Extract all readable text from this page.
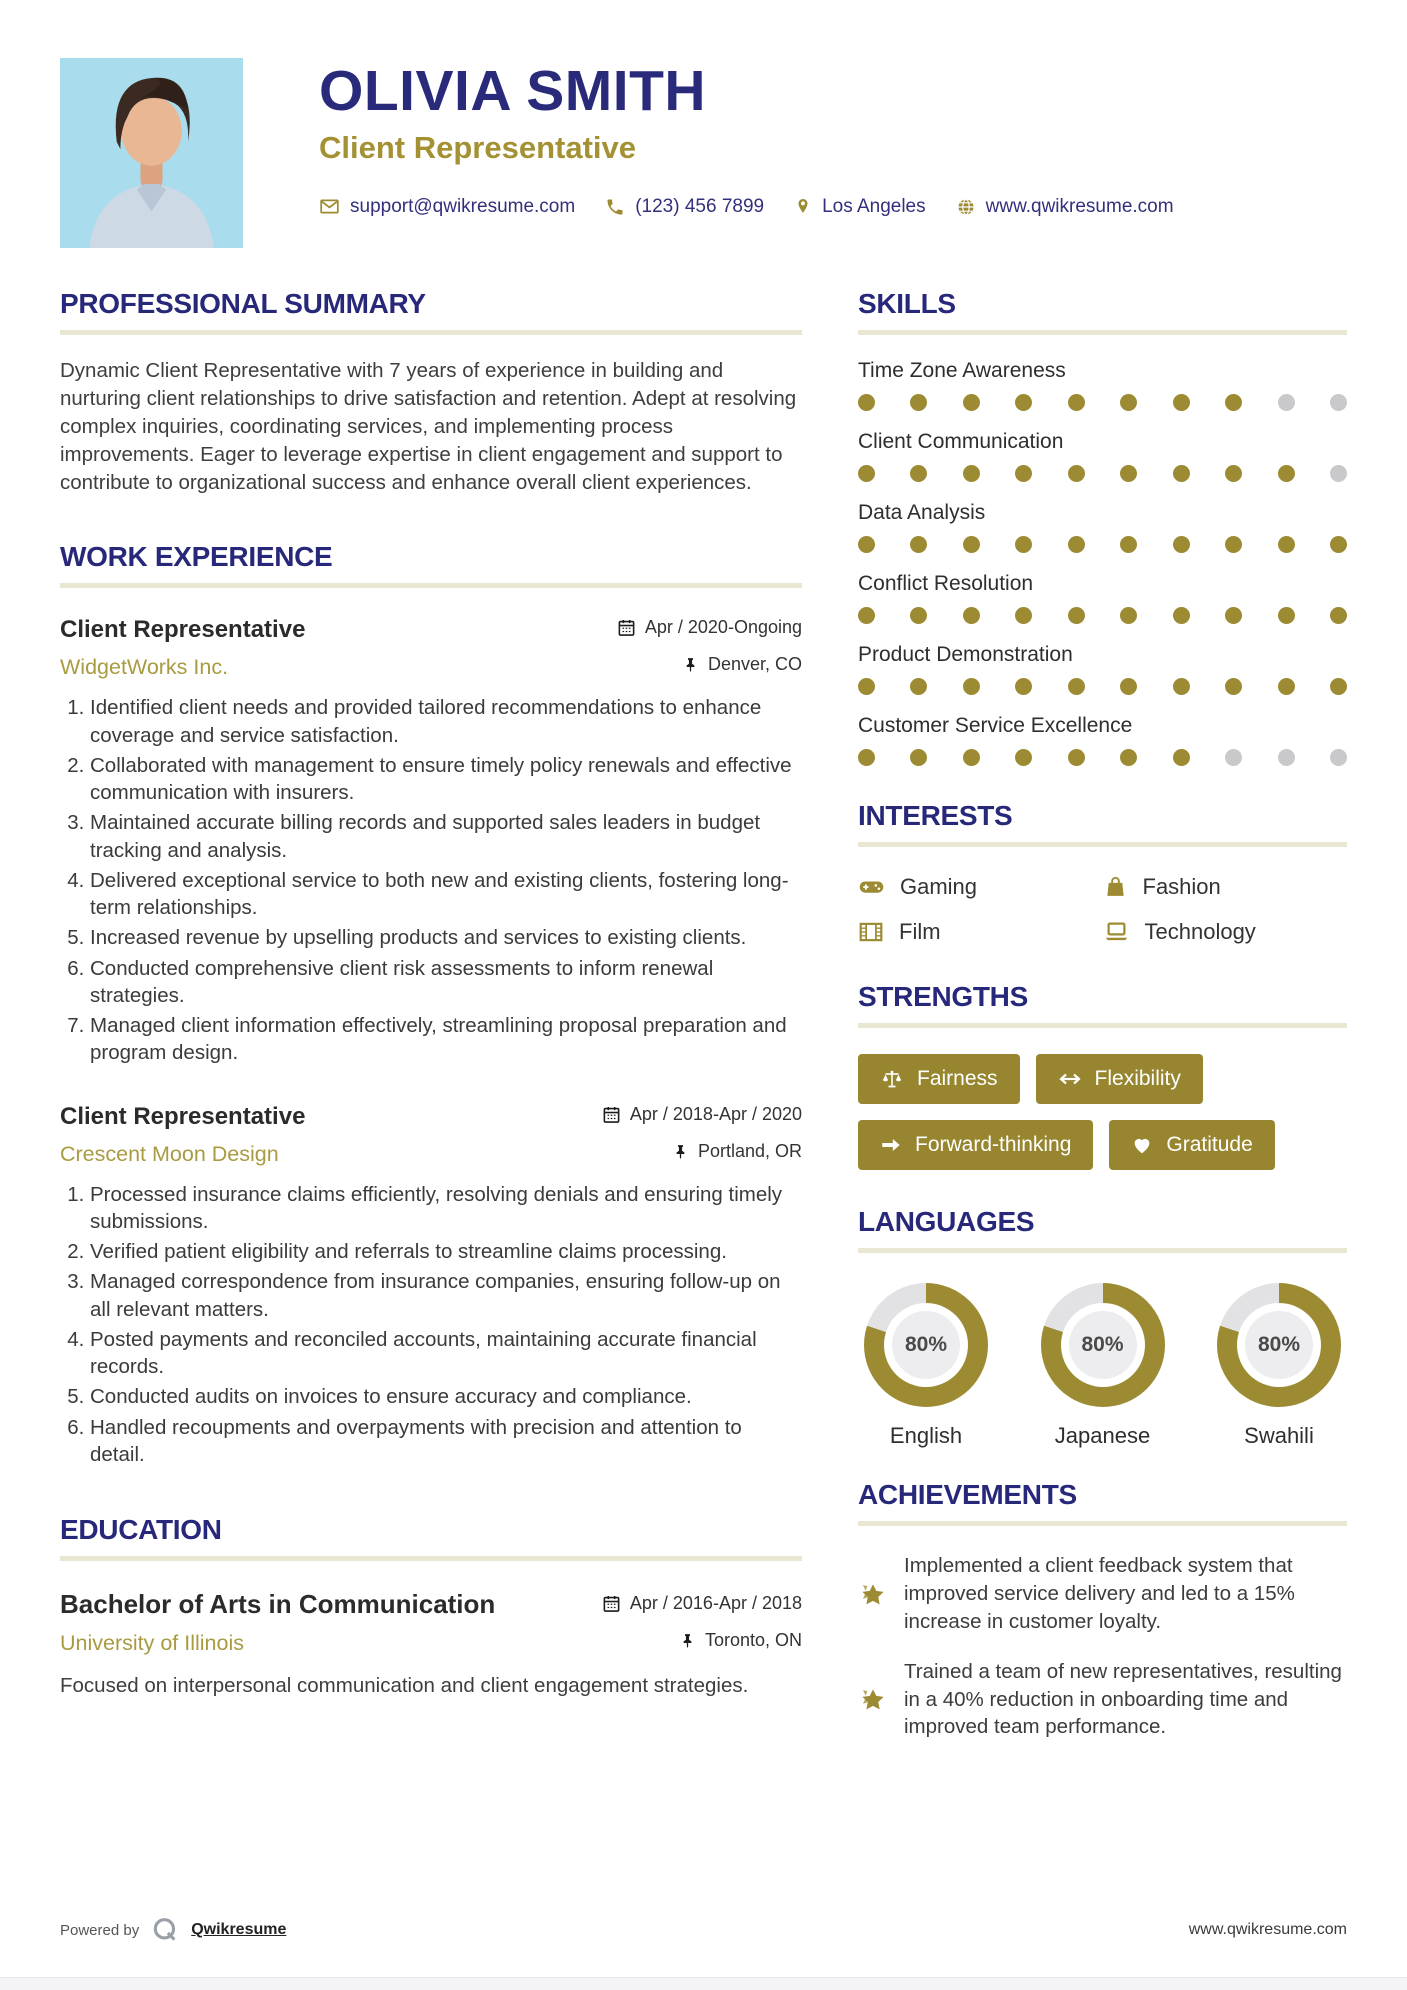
OLIVIA SMITH
Client Representative
support@qwikresume.com	(123) 456 7899	Los Angeles	www.qwikresume.com
PROFESSIONAL SUMMARY

Dynamic Client Representative with 7 years of experience in building and nurturing client relationships to drive satisfaction and retention. Adept at resolving complex inquiries, coordinating services, and implementing process improvements. Eager to leverage expertise in client engagement and support to contribute to organizational success and enhance overall client experiences.

WORK EXPERIENCE
Client Representative	Apr / 2020-Ongoing
WidgetWorks Inc.	Denver, CO
1. Identified client needs and provided tailored recommendations to enhance coverage and service satisfaction.
2. Collaborated with management to ensure timely policy renewals and effective communication with insurers.
3. Maintained accurate billing records and supported sales leaders in budget tracking and analysis.
4. Delivered exceptional service to both new and existing clients, fostering long-term relationships.
5. Increased revenue by upselling products and services to existing clients.
6. Conducted comprehensive client risk assessments to inform renewal strategies.
7. Managed client information effectively, streamlining proposal preparation and program design.
Client Representative	Apr / 2018-Apr / 2020
Crescent Moon Design	Portland, OR
1. Processed insurance claims efficiently, resolving denials and ensuring timely submissions.
2. Verified patient eligibility and referrals to streamline claims processing.
3. Managed correspondence from insurance companies, ensuring follow-up on all relevant matters.
4. Posted payments and reconciled accounts, maintaining accurate financial records.
5. Conducted audits on invoices to ensure accuracy and compliance.
6. Handled recoupments and overpayments with precision and attention to detail.
EDUCATION
Bachelor of Arts in Communication	Apr / 2016-Apr / 2018
University of Illinois	Toronto, ON

Focused on interpersonal communication and client engagement strategies.

SKILLS
Time Zone Awareness
Client Communication
Data Analysis
Conflict Resolution
Product Demonstration
Customer Service Excellence
INTERESTS
Gaming	Fashion
Film	Technology
STRENGTHS
Fairness	Flexibility
Forward-thinking	Gratitude
LANGUAGES
80%
English
80%
Japanese
80%
Swahili
ACHIEVEMENTS
Implemented a client feedback system that improved service delivery and led to a 15% increase in customer loyalty.
Trained a team of new representatives, resulting in a 40% reduction in onboarding time and improved team performance.
Powered by	Qwikresume	www.qwikresume.com
